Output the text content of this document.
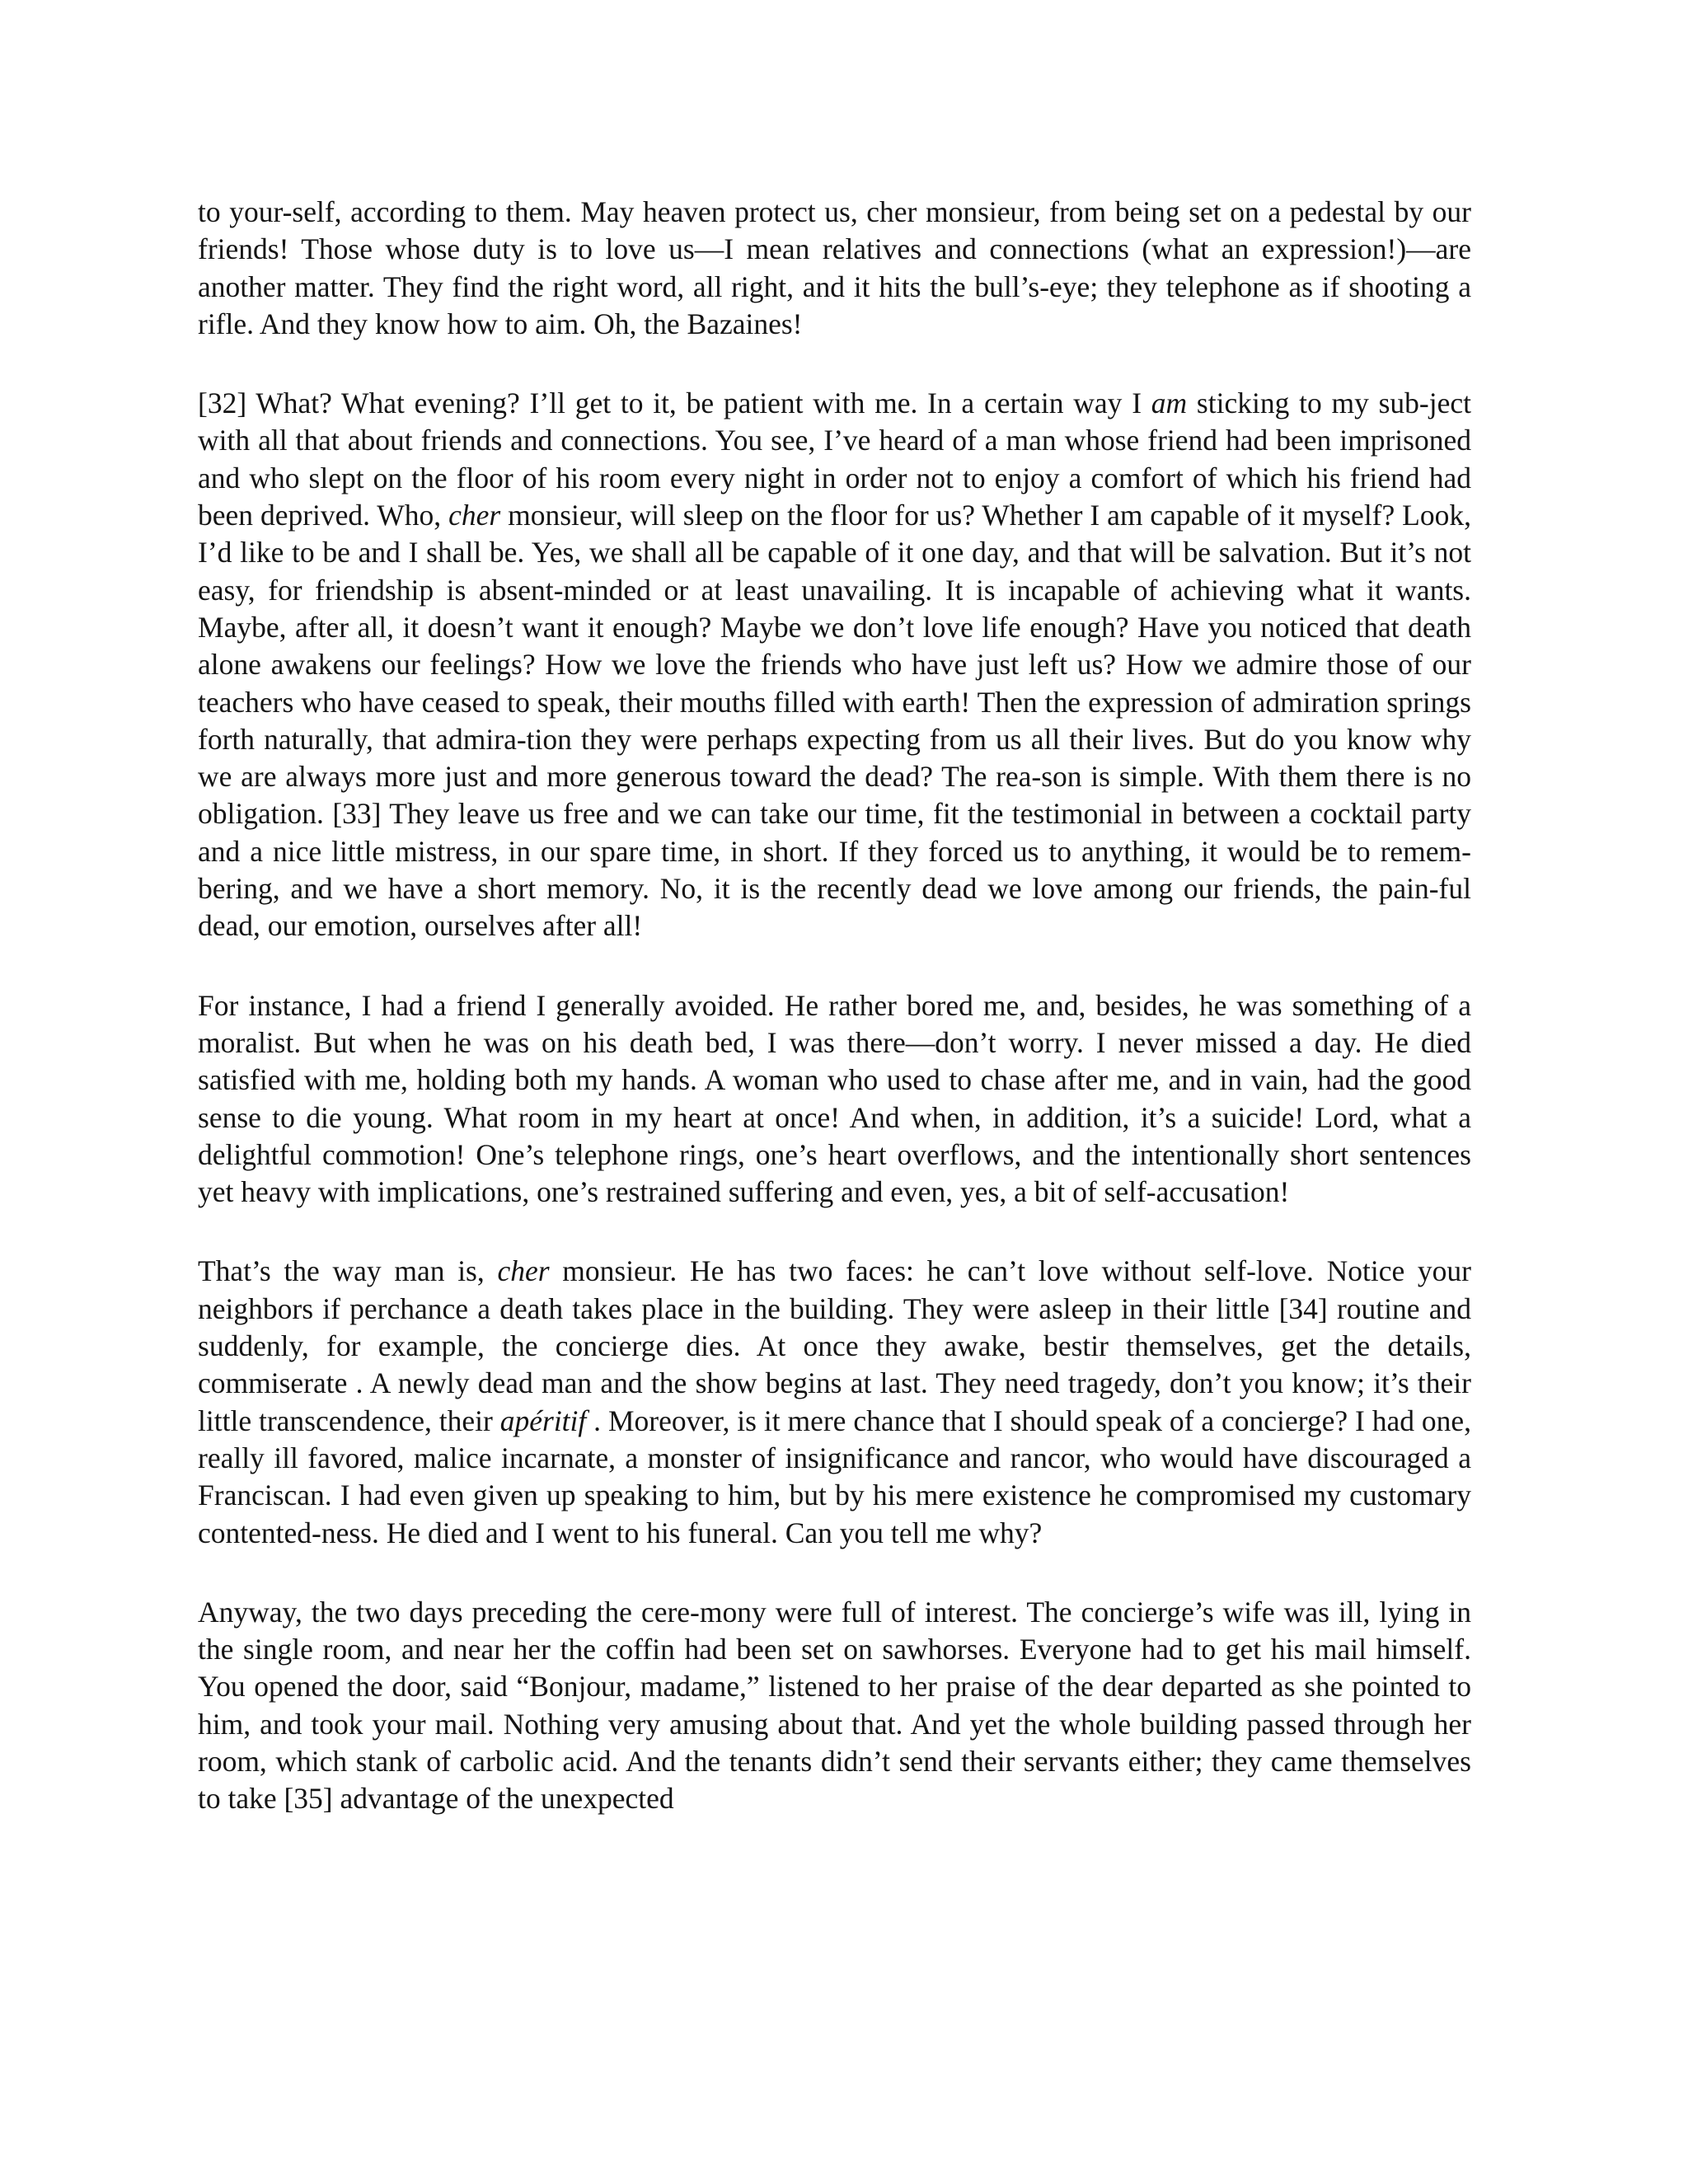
to your-self, according to them. May heaven protect us, cher monsieur, from being set on a pedestal by our friends! Those whose duty is to love us—I mean relatives and connections (what an expression!)—are another matter. They find the right word, all right, and it hits the bull’s-eye; they telephone as if shooting a rifle. And they know how to aim. Oh, the Bazaines!

[32] What? What evening? I’ll get to it, be patient with me. In a certain way I am sticking to my sub-ject with all that about friends and connections. You see, I’ve heard of a man whose friend had been imprisoned and who slept on the floor of his room every night in order not to enjoy a comfort of which his friend had been deprived. Who, cher monsieur, will sleep on the floor for us? Whether I am capable of it myself? Look, I’d like to be and I shall be. Yes, we shall all be capable of it one day, and that will be salvation. But it’s not easy, for friendship is absent-minded or at least unavailing. It is incapable of achieving what it wants. Maybe, after all, it doesn’t want it enough? Maybe we don’t love life enough? Have you noticed that death alone awakens our feelings? How we love the friends who have just left us? How we admire those of our teachers who have ceased to speak, their mouths filled with earth! Then the expression of admiration springs forth naturally, that admira-tion they were perhaps expecting from us all their lives. But do you know why we are always more just and more generous toward the dead? The rea-son is simple. With them there is no obligation. [33] They leave us free and we can take our time, fit the testimonial in between a cocktail party and a nice little mistress, in our spare time, in short. If they forced us to anything, it would be to remem-bering, and we have a short memory. No, it is the recently dead we love among our friends, the pain-ful dead, our emotion, ourselves after all!

For instance, I had a friend I generally avoided. He rather bored me, and, besides, he was something of a moralist. But when he was on his death bed, I was there—don’t worry. I never missed a day. He died satisfied with me, holding both my hands. A woman who used to chase after me, and in vain, had the good sense to die young. What room in my heart at once! And when, in addition, it’s a suicide! Lord, what a delightful commotion! One’s telephone rings, one’s heart overflows, and the intentionally short sentences yet heavy with implications, one’s restrained suffering and even, yes, a bit of self-accusation!

That’s the way man is, cher monsieur. He has two faces: he can’t love without self-love. Notice your neighbors if perchance a death takes place in the building. They were asleep in their little [34] routine and suddenly, for example, the concierge dies. At once they awake, bestir themselves, get the details, commiserate . A newly dead man and the show begins at last. They need tragedy, don’t you know; it’s their little transcendence, their apéritif . Moreover, is it mere chance that I should speak of a concierge? I had one, really ill favored, malice incarnate, a monster of insignificance and rancor, who would have discouraged a Franciscan. I had even given up speaking to him, but by his mere existence he compromised my customary contented-ness. He died and I went to his funeral. Can you tell me why?

Anyway, the two days preceding the cere-mony were full of interest. The concierge’s wife was ill, lying in the single room, and near her the coffin had been set on sawhorses. Everyone had to get his mail himself. You opened the door, said “Bonjour, madame,” listened to her praise of the dear departed as she pointed to him, and took your mail. Nothing very amusing about that. And yet the whole building passed through her room, which stank of carbolic acid. And the tenants didn’t send their servants either; they came themselves to take [35] advantage of the unexpected
